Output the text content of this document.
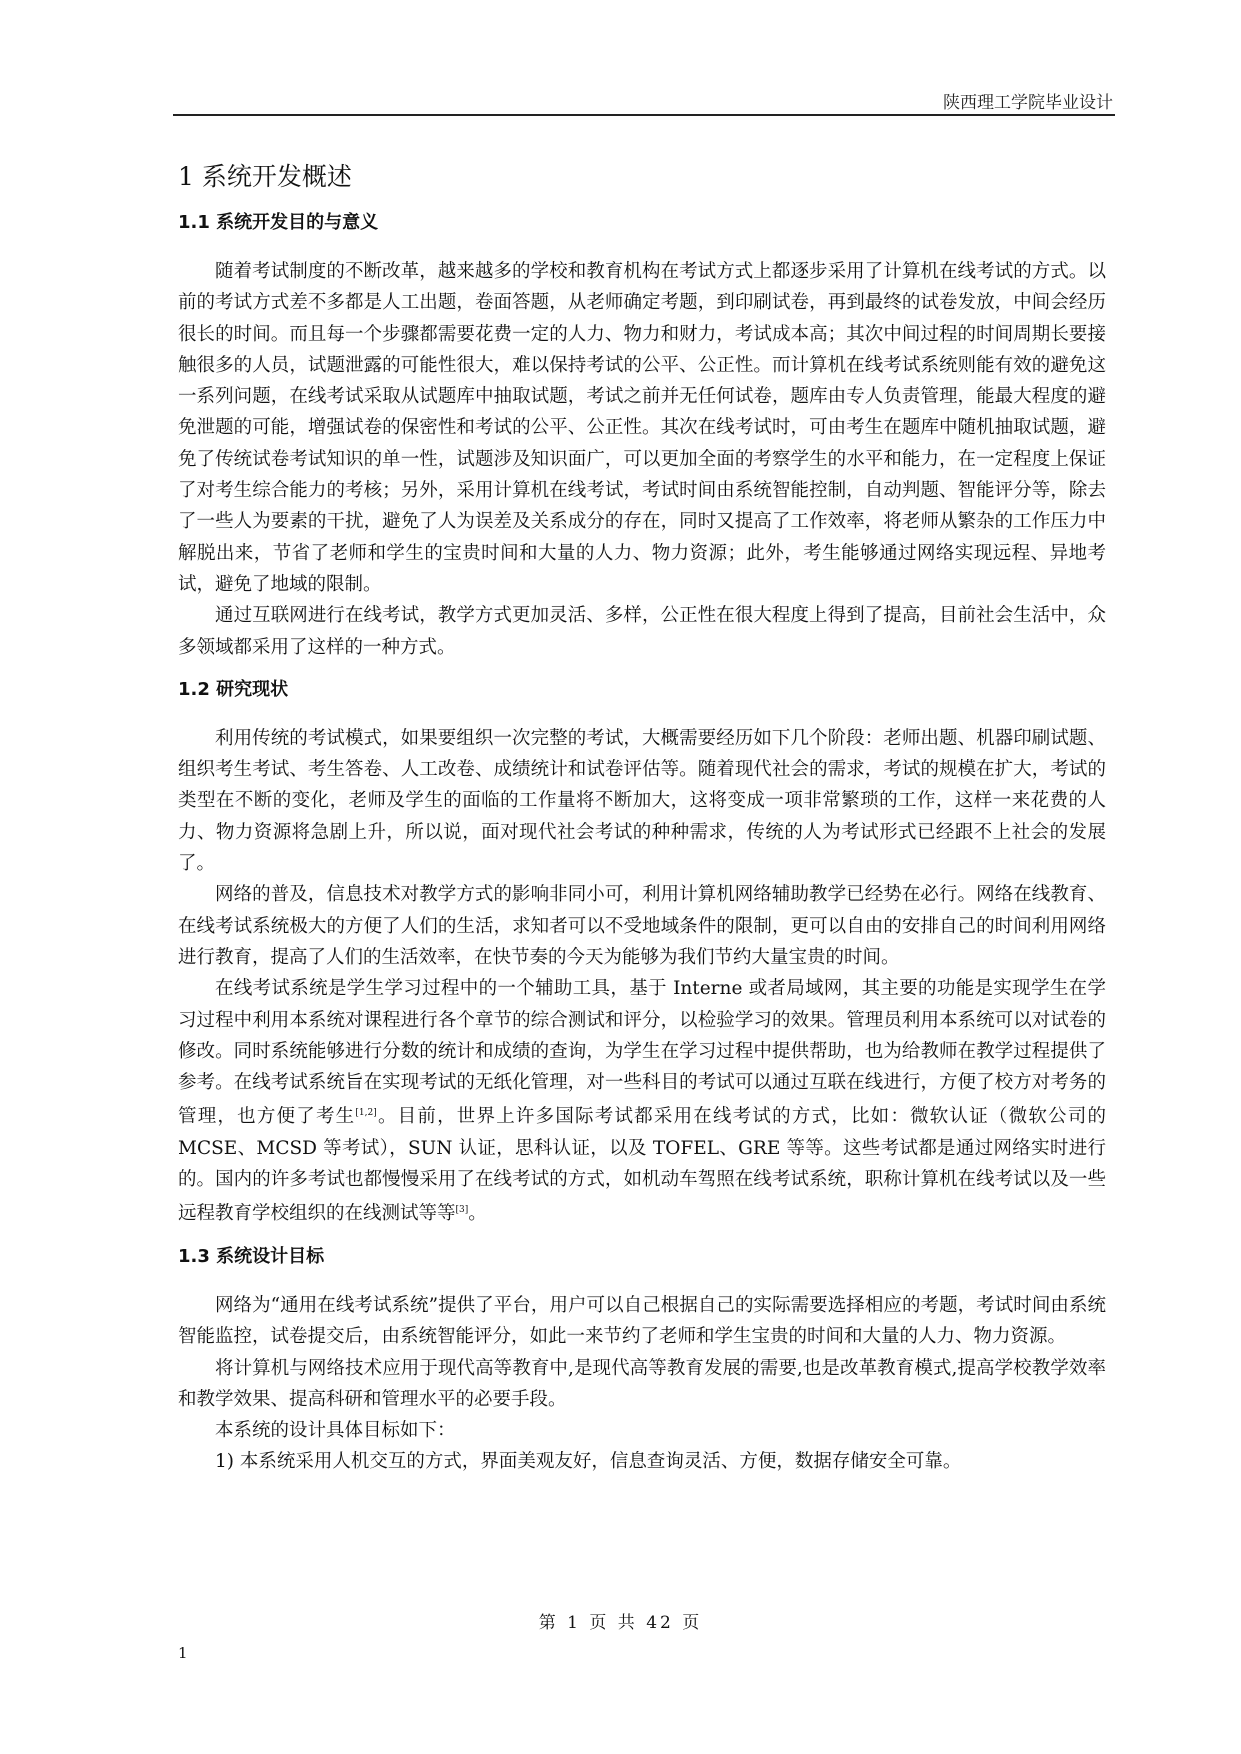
陕西理工学院毕业设计
1 系统开发概述
1.1 系统开发目的与意义

随着考试制度的不断改革，越来越多的学校和教育机构在考试方式上都逐步采用了计算机在线考试的方式。以前的考试方式差不多都是人工出题，卷面答题，从老师确定考题，到印刷试卷，再到最终的试卷发放，中间会经历很长的时间。而且每一个步骤都需要花费一定的人力、物力和财力，考试成本高；其次中间过程的时间周期长要接触很多的人员，试题泄露的可能性很大，难以保持考试的公平、公正性。而计算机在线考试系统则能有效的避免这一系列问题，在线考试采取从试题库中抽取试题，考试之前并无任何试卷，题库由专人负责管理，能最大程度的避免泄题的可能，增强试卷的保密性和考试的公平、公正性。其次在线考试时，可由考生在题库中随机抽取试题，避免了传统试卷考试知识的单一性，试题涉及知识面广，可以更加全面的考察学生的水平和能力，在一定程度上保证了对考生综合能力的考核；另外，采用计算机在线考试，考试时间由系统智能控制，自动判题、智能评分等，除去了一些人为要素的干扰，避免了人为误差及关系成分的存在，同时又提高了工作效率，将老师从繁杂的工作压力中解脱出来，节省了老师和学生的宝贵时间和大量的人力、物力资源；此外，考生能够通过网络实现远程、异地考试，避免了地域的限制。

通过互联网进行在线考试，教学方式更加灵活、多样，公正性在很大程度上得到了提高，目前社会生活中，众多领域都采用了这样的一种方式。

1.2 研究现状

利用传统的考试模式，如果要组织一次完整的考试，大概需要经历如下几个阶段：老师出题、机器印刷试题、组织考生考试、考生答卷、人工改卷、成绩统计和试卷评估等。随着现代社会的需求，考试的规模在扩大，考试的类型在不断的变化，老师及学生的面临的工作量将不断加大，这将变成一项非常繁琐的工作，这样一来花费的人力、物力资源将急剧上升，所以说，面对现代社会考试的种种需求，传统的人为考试形式已经跟不上社会的发展了。

网络的普及，信息技术对教学方式的影响非同小可，利用计算机网络辅助教学已经势在必行。网络在线教育、在线考试系统极大的方便了人们的生活，求知者可以不受地域条件的限制，更可以自由的安排自己的时间利用网络进行教育，提高了人们的生活效率，在快节奏的今天为能够为我们节约大量宝贵的时间。

在线考试系统是学生学习过程中的一个辅助工具，基于 Interne 或者局域网，其主要的功能是实现学生在学习过程中利用本系统对课程进行各个章节的综合测试和评分，以检验学习的效果。管理员利用本系统可以对试卷的修改。同时系统能够进行分数的统计和成绩的查询，为学生在学习过程中提供帮助，也为给教师在教学过程提供了参考。在线考试系统旨在实现考试的无纸化管理，对一些科目的考试可以通过互联在线进行，方便了校方对考务的管理，也方便了考生[1,2]。目前，世界上许多国际考试都采用在线考试的方式，比如：微软认证（微软公司的 MCSE、MCSD 等考试），SUN 认证，思科认证，以及 TOFEL、GRE 等等。这些考试都是通过网络实时进行的。国内的许多考试也都慢慢采用了在线考试的方式，如机动车驾照在线考试系统，职称计算机在线考试以及一些远程教育学校组织的在线测试等等[3]。

1.3 系统设计目标

网络为“通用在线考试系统”提供了平台，用户可以自己根据自己的实际需要选择相应的考题，考试时间由系统智能监控，试卷提交后，由系统智能评分，如此一来节约了老师和学生宝贵的时间和大量的人力、物力资源。

将计算机与网络技术应用于现代高等教育中,是现代高等教育发展的需要,也是改革教育模式,提高学校教学效率和教学效果、提高科研和管理水平的必要手段。

本系统的设计具体目标如下：

1) 本系统采用人机交互的方式，界面美观友好，信息查询灵活、方便，数据存储安全可靠。

第 1 页 共 42 页
1
